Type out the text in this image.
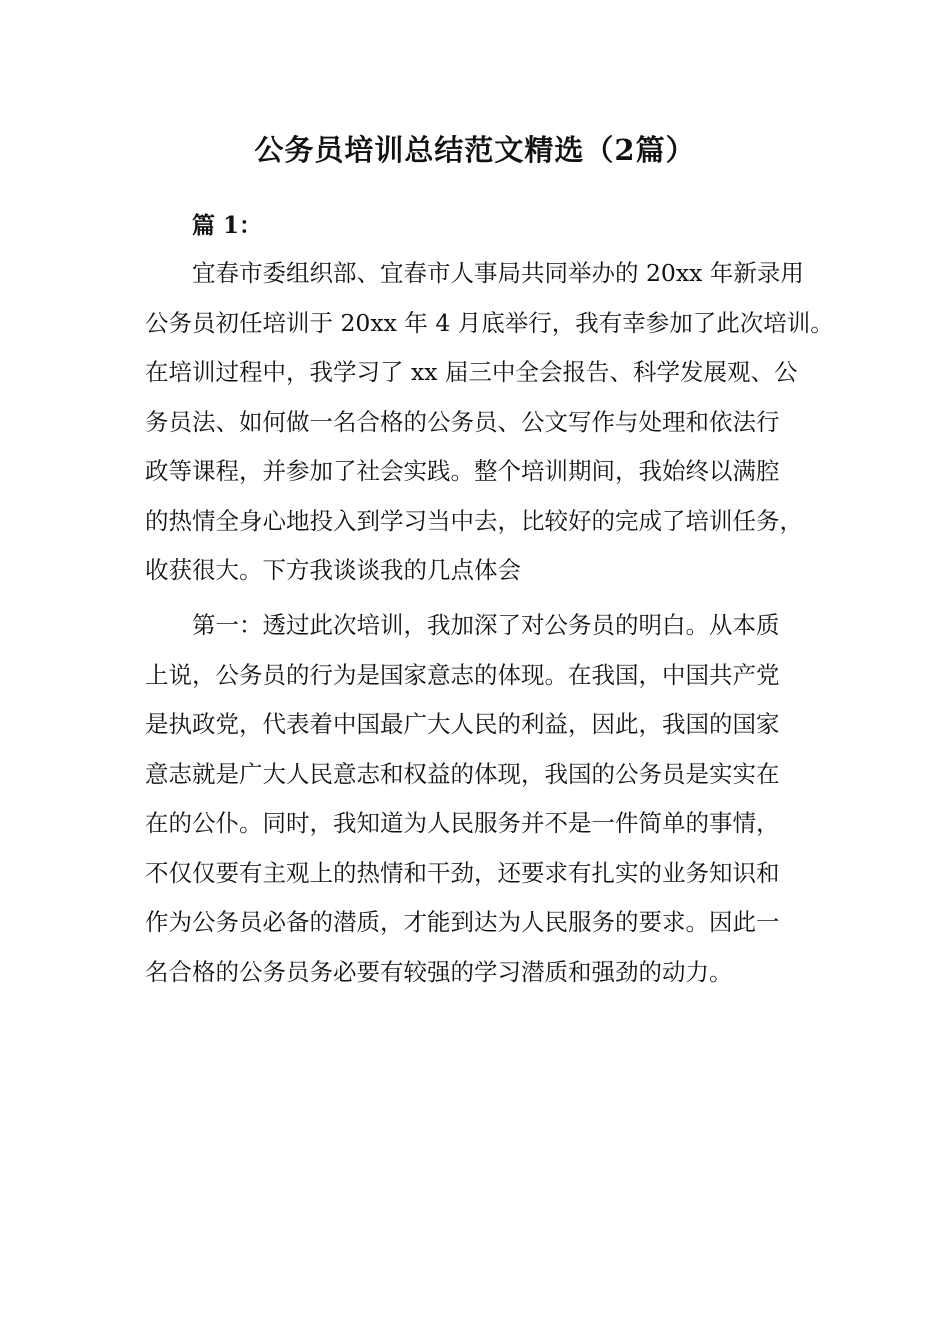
公务员培训总结范文精选（2篇）
篇 1：
宜春市委组织部、宜春市人事局共同举办的 20xx 年新录用
公务员初任培训于 20xx 年 4 月底举行，我有幸参加了此次培训。
在培训过程中，我学习了 xx 届三中全会报告、科学发展观、公
务员法、如何做一名合格的公务员、公文写作与处理和依法行
政等课程，并参加了社会实践。整个培训期间，我始终以满腔
的热情全身心地投入到学习当中去，比较好的完成了培训任务，
收获很大。下方我谈谈我的几点体会
第一：透过此次培训，我加深了对公务员的明白。从本质
上说，公务员的行为是国家意志的体现。在我国，中国共产党
是执政党，代表着中国最广大人民的利益，因此，我国的国家
意志就是广大人民意志和权益的体现，我国的公务员是实实在
在的公仆。同时，我知道为人民服务并不是一件简单的事情，
不仅仅要有主观上的热情和干劲，还要求有扎实的业务知识和
作为公务员必备的潜质，才能到达为人民服务的要求。因此一
名合格的公务员务必要有较强的学习潜质和强劲的动力。
